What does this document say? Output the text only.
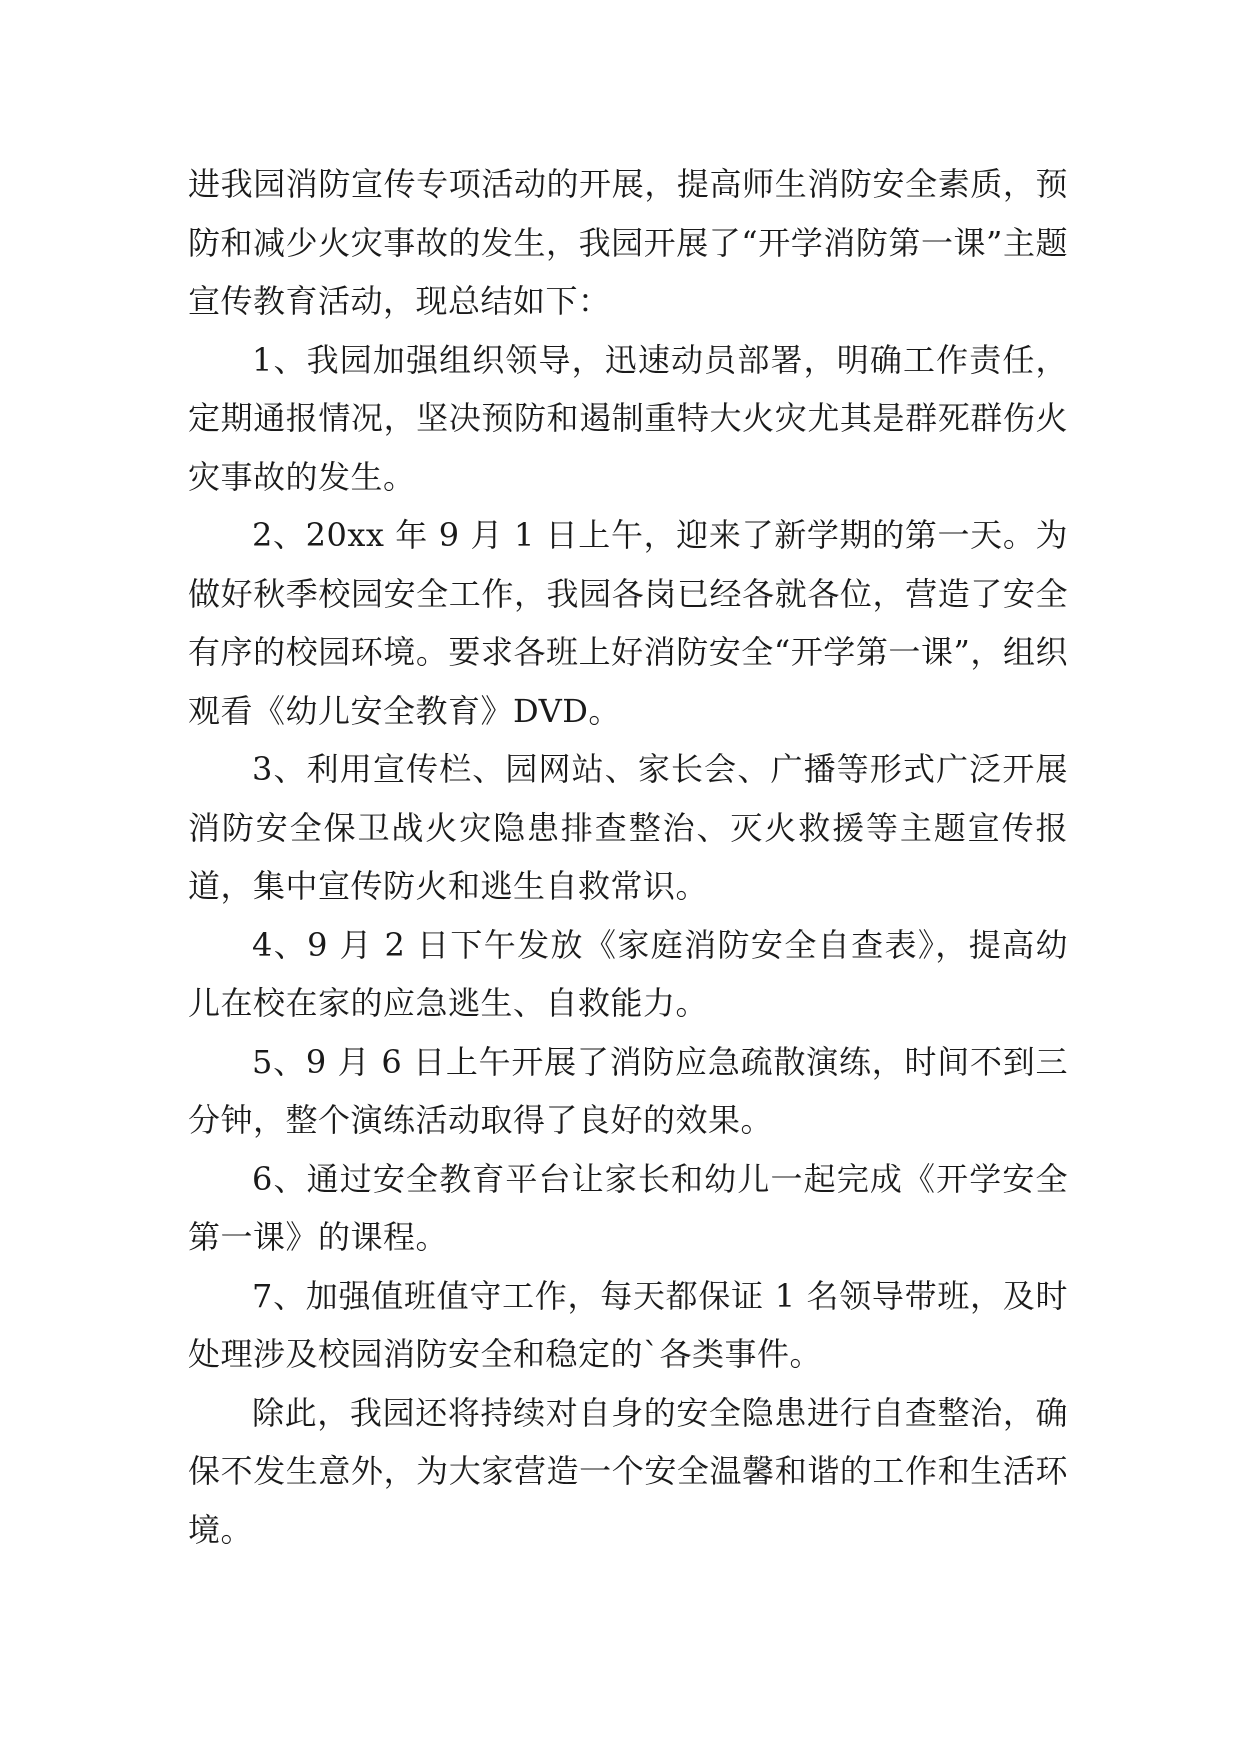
进我园消防宣传专项活动的开展，提高师生消防安全素质，预防和减少火灾事故的发生，我园开展了“开学消防第一课”主题宣传教育活动，现总结如下：

1、我园加强组织领导，迅速动员部署，明确工作责任，定期通报情况，坚决预防和遏制重特大火灾尤其是群死群伤火灾事故的发生。

2、20xx 年 9 月 1 日上午，迎来了新学期的第一天。为做好秋季校园安全工作，我园各岗已经各就各位，营造了安全有序的校园环境。要求各班上好消防安全“开学第一课”，组织观看《幼儿安全教育》DVD。

3、利用宣传栏、园网站、家长会、广播等形式广泛开展消防安全保卫战火灾隐患排查整治、灭火救援等主题宣传报道，集中宣传防火和逃生自救常识。

4、9 月 2 日下午发放《家庭消防安全自查表》，提高幼儿在校在家的应急逃生、自救能力。

5、9 月 6 日上午开展了消防应急疏散演练，时间不到三分钟，整个演练活动取得了良好的效果。

6、通过安全教育平台让家长和幼儿一起完成《开学安全第一课》的课程。

7、加强值班值守工作，每天都保证 1 名领导带班，及时处理涉及校园消防安全和稳定的`各类事件。

除此，我园还将持续对自身的安全隐患进行自查整治，确保不发生意外，为大家营造一个安全温馨和谐的工作和生活环境。
